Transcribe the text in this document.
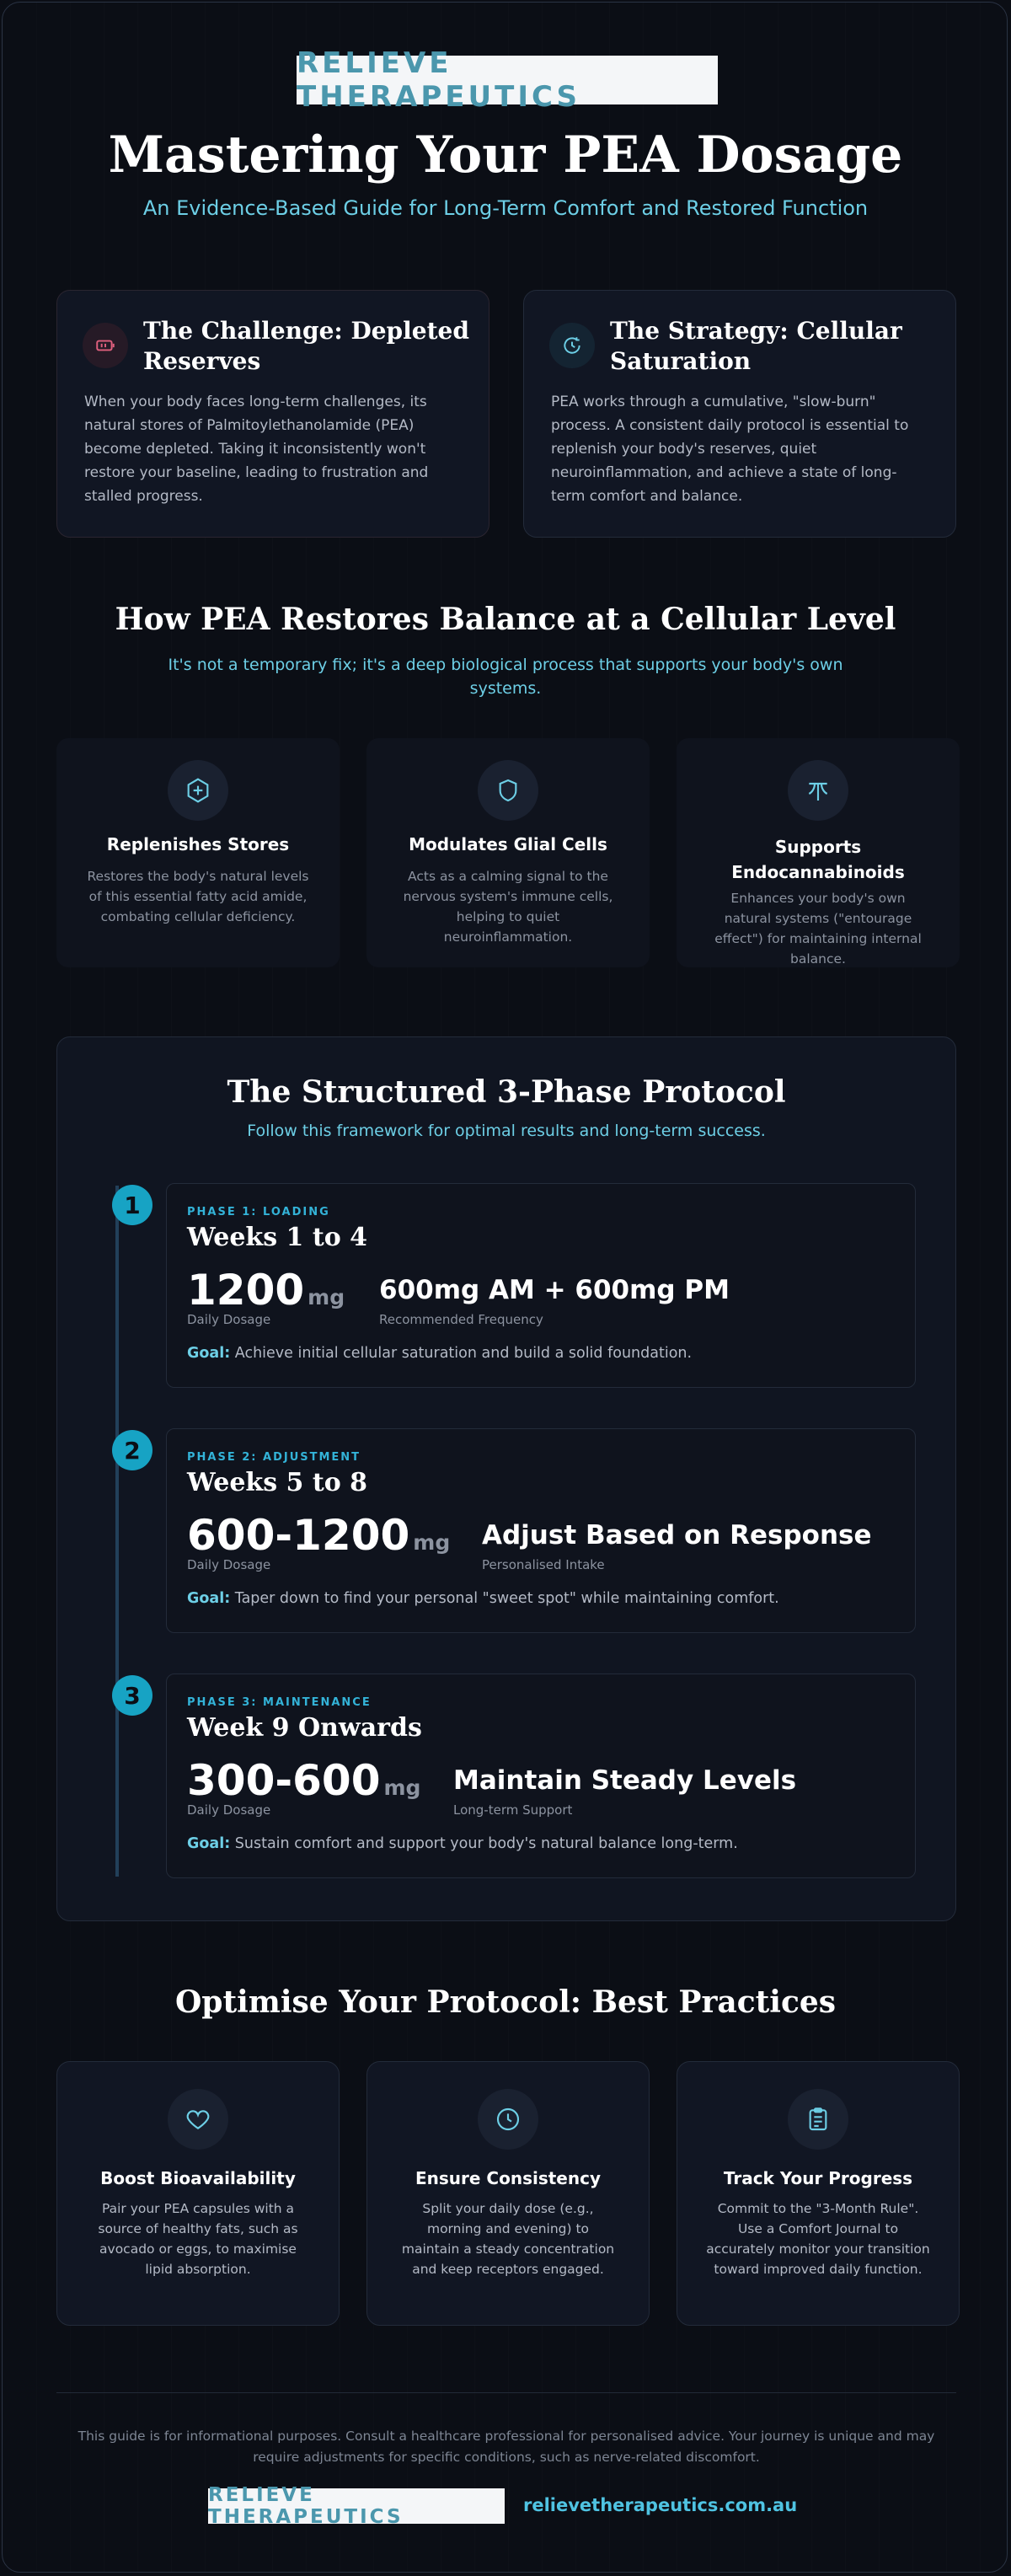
RELIEVE THERAPEUTICS
Mastering Your PEA Dosage
An Evidence-Based Guide for Long-Term Comfort and Restored Function
The Challenge: Depleted Reserves
When your body faces long-term challenges, its natural stores of Palmitoylethanolamide (PEA) become depleted. Taking it inconsistently won't restore your baseline, leading to frustration and stalled progress.
The Strategy: Cellular Saturation
PEA works through a cumulative, "slow-burn" process. A consistent daily protocol is essential to replenish your body's reserves, quiet neuroinflammation, and achieve a state of long-term comfort and balance.
How PEA Restores Balance at a Cellular Level
It's not a temporary fix; it's a deep biological process that supports your body's own systems.
Replenishes Stores
Restores the body's natural levels of this essential fatty acid amide, combating cellular deficiency.
Modulates Glial Cells
Acts as a calming signal to the nervous system's immune cells, helping to quiet neuroinflammation.
Supports Endocannabinoids
Enhances your body's own natural systems ("entourage effect") for maintaining internal balance.
The Structured 3-Phase Protocol
Follow this framework for optimal results and long-term success.
1	PHASE 1: LOADING
Weeks 1 to 4
1200 mg
Daily Dosage
600mg AM + 600mg PM
Recommended Frequency
Goal: Achieve initial cellular saturation and build a solid foundation.
2	PHASE 2: ADJUSTMENT
Weeks 5 to 8
600-1200 mg
Daily Dosage
Adjust Based on Response
Personalised Intake
Goal: Taper down to find your personal "sweet spot" while maintaining comfort.
3	PHASE 3: MAINTENANCE
Week 9 Onwards
300-600 mg
Daily Dosage
Maintain Steady Levels
Long-term Support
Goal: Sustain comfort and support your body's natural balance long-term.
Optimise Your Protocol: Best Practices
Boost Bioavailability
Pair your PEA capsules with a source of healthy fats, such as avocado or eggs, to maximise lipid absorption.
Ensure Consistency
Split your daily dose (e.g., morning and evening) to maintain a steady concentration and keep receptors engaged.
Track Your Progress
Commit to the "3-Month Rule". Use a Comfort Journal to accurately monitor your transition toward improved daily function.
This guide is for informational purposes. Consult a healthcare professional for personalised advice. Your journey is unique and may require adjustments for specific conditions, such as nerve-related discomfort.
RELIEVE THERAPEUTICS
relievetherapeutics.com.au
